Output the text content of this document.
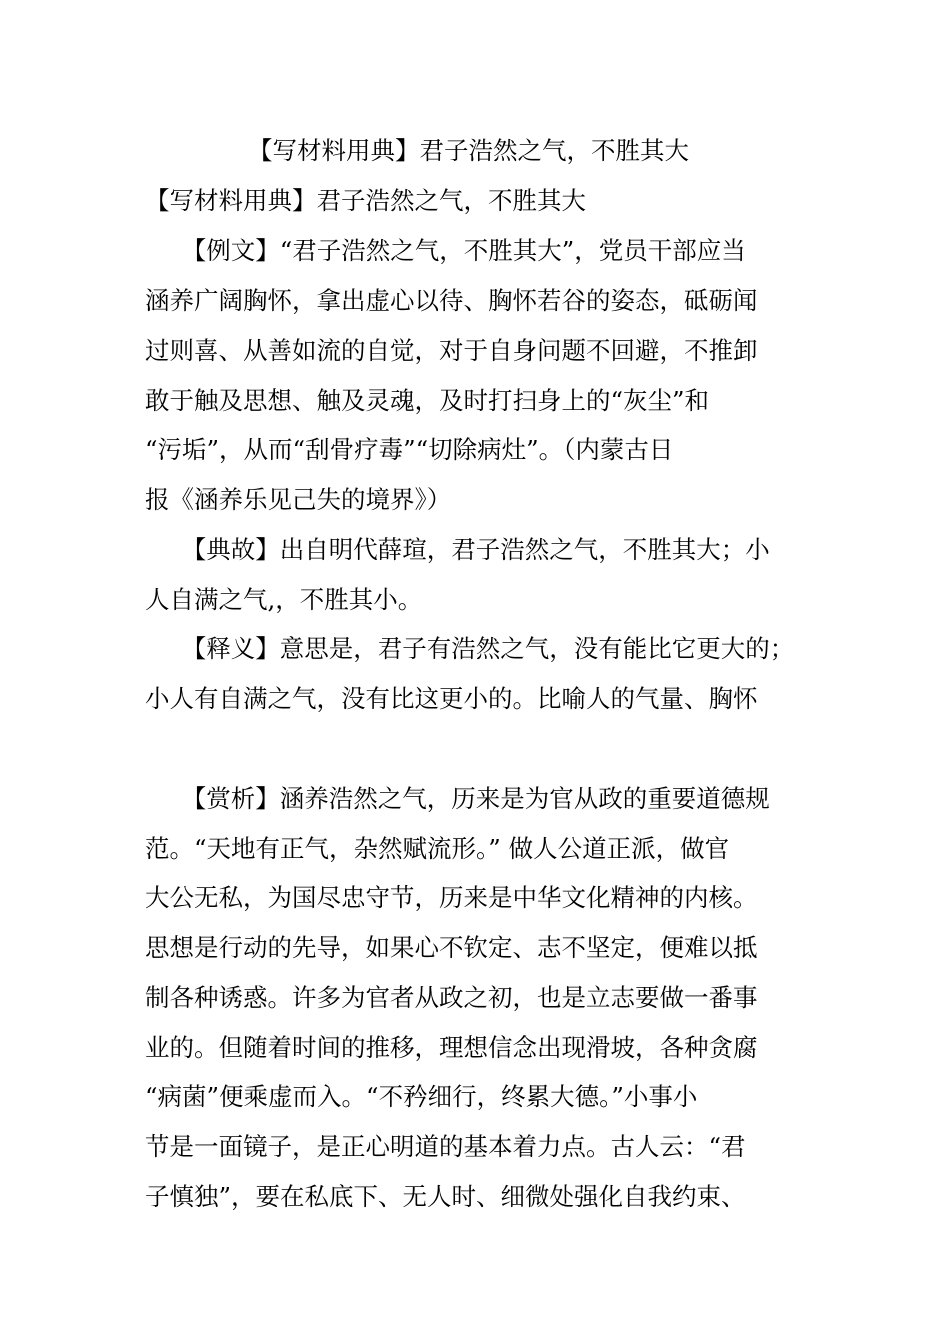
【写材料用典】君子浩然之气，不胜其大
【写材料用典】君子浩然之气，不胜其大
　　【例文】“君子浩然之气，不胜其大”，党员干部应当
涵养广阔胸怀，拿出虚心以待、胸怀若谷的姿态，砥砺闻
过则喜、从善如流的自觉，对于自身问题不回避，不推卸
敢于触及思想、触及灵魂，及时打扫身上的“灰尘”和
“污垢”，从而“刮骨疗毒”“切除病灶”。（内蒙古日
报《涵养乐见己失的境界》）
　　【典故】出自明代薛瑄，君子浩然之气，不胜其大；小
人自满之气,，不胜其小。
　　【释义】意思是，君子有浩然之气，没有能比它更大的；
小人有自满之气，没有比这更小的。比喻人的气量、胸怀
　　【赏析】涵养浩然之气，历来是为官从政的重要道德规
范。“天地有正气，杂然赋流形。” 做人公道正派，做官
大公无私，为国尽忠守节，历来是中华文化精神的内核。
思想是行动的先导，如果心不钦定、志不坚定，便难以抵
制各种诱惑。许多为官者从政之初，也是立志要做一番事
业的。但随着时间的推移，理想信念出现滑坡，各种贪腐
“病菌”便乘虚而入。“不矜细行，终累大德。”小事小
节是一面镜子，是正心明道的基本着力点。古人云：“君
子慎独”，要在私底下、无人时、细微处强化自我约束、
